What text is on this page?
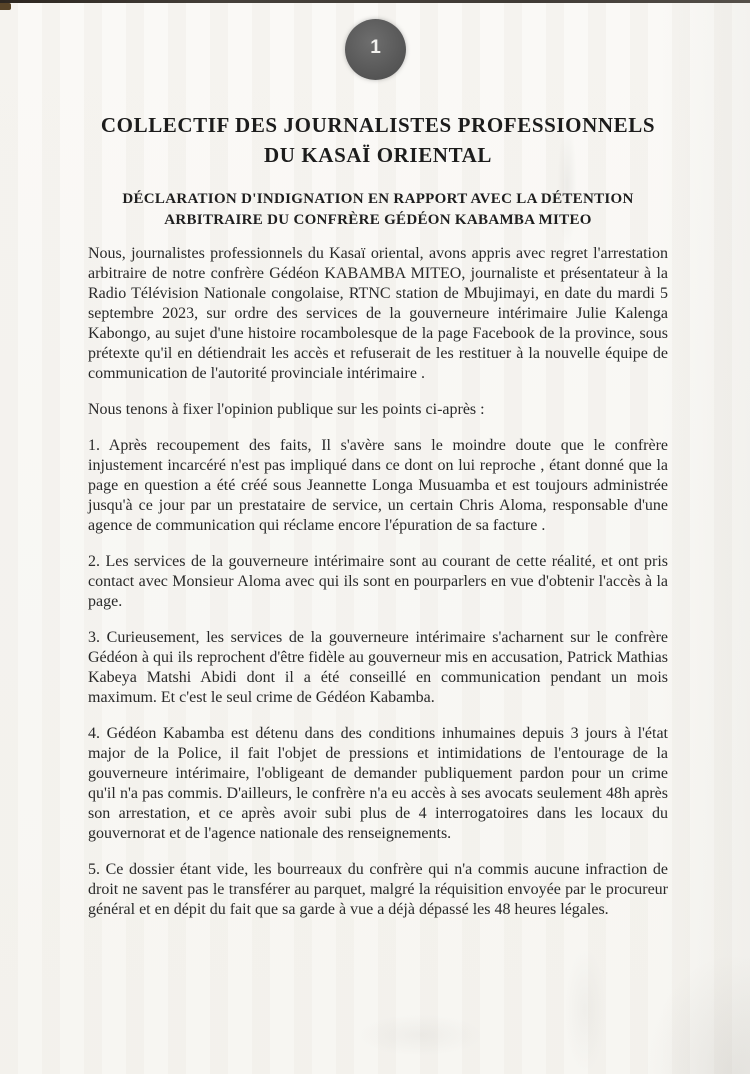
1
COLLECTIF DES JOURNALISTES PROFESSIONNELS
DU KASAÏ ORIENTAL
DÉCLARATION D'INDIGNATION EN RAPPORT AVEC LA DÉTENTION
ARBITRAIRE DU CONFRÈRE GÉDÉON KABAMBA MITEO

Nous, journalistes professionnels du Kasaï oriental, avons appris avec regret l'arrestation arbitraire de notre confrère Gédéon KABAMBA MITEO, journaliste et présentateur à la Radio Télévision Nationale congolaise, RTNC station de Mbujimayi, en date du mardi 5 septembre 2023, sur ordre des services de la gouverneure intérimaire Julie Kalenga Kabongo, au sujet d'une histoire rocambolesque de la page Facebook de la province, sous prétexte qu'il en détiendrait les accès et refuserait de les restituer à la nouvelle équipe de communication de l'autorité provinciale intérimaire .

Nous tenons à fixer l'opinion publique sur les points ci-après :

1. Après recoupement des faits, Il s'avère sans le moindre doute que le confrère injustement incarcéré n'est pas impliqué dans ce dont on lui reproche , étant donné que la page en question a été créé sous Jeannette Longa Musuamba et est toujours administrée jusqu'à ce jour par un prestataire de service, un certain Chris Aloma, responsable d'une agence de communication qui réclame encore l'épuration de sa facture .

2. Les services de la gouverneure intérimaire sont au courant de cette réalité, et ont pris contact avec Monsieur Aloma avec qui ils sont en pourparlers en vue d'obtenir l'accès à la page.

3. Curieusement, les services de la gouverneure intérimaire s'acharnent sur le confrère Gédéon à qui ils reprochent d'être fidèle au gouverneur mis en accusation, Patrick Mathias Kabeya Matshi Abidi dont il a été conseillé en communication pendant un mois maximum. Et c'est le seul crime de Gédéon Kabamba.

4. Gédéon Kabamba est détenu dans des conditions inhumaines depuis 3 jours à l'état major de la Police, il fait l'objet de pressions et intimidations de l'entourage de la gouverneure intérimaire, l'obligeant de demander publiquement pardon pour un crime qu'il n'a pas commis. D'ailleurs, le confrère n'a eu accès à ses avocats seulement 48h après son arrestation, et ce après avoir subi plus de 4 interrogatoires dans les locaux du gouvernorat et de l'agence nationale des renseignements.

5. Ce dossier étant vide, les bourreaux du confrère qui n'a commis aucune infraction de droit ne savent pas le transférer au parquet, malgré la réquisition envoyée par le procureur général et en dépit du fait que sa garde à vue a déjà dépassé les 48 heures légales.
